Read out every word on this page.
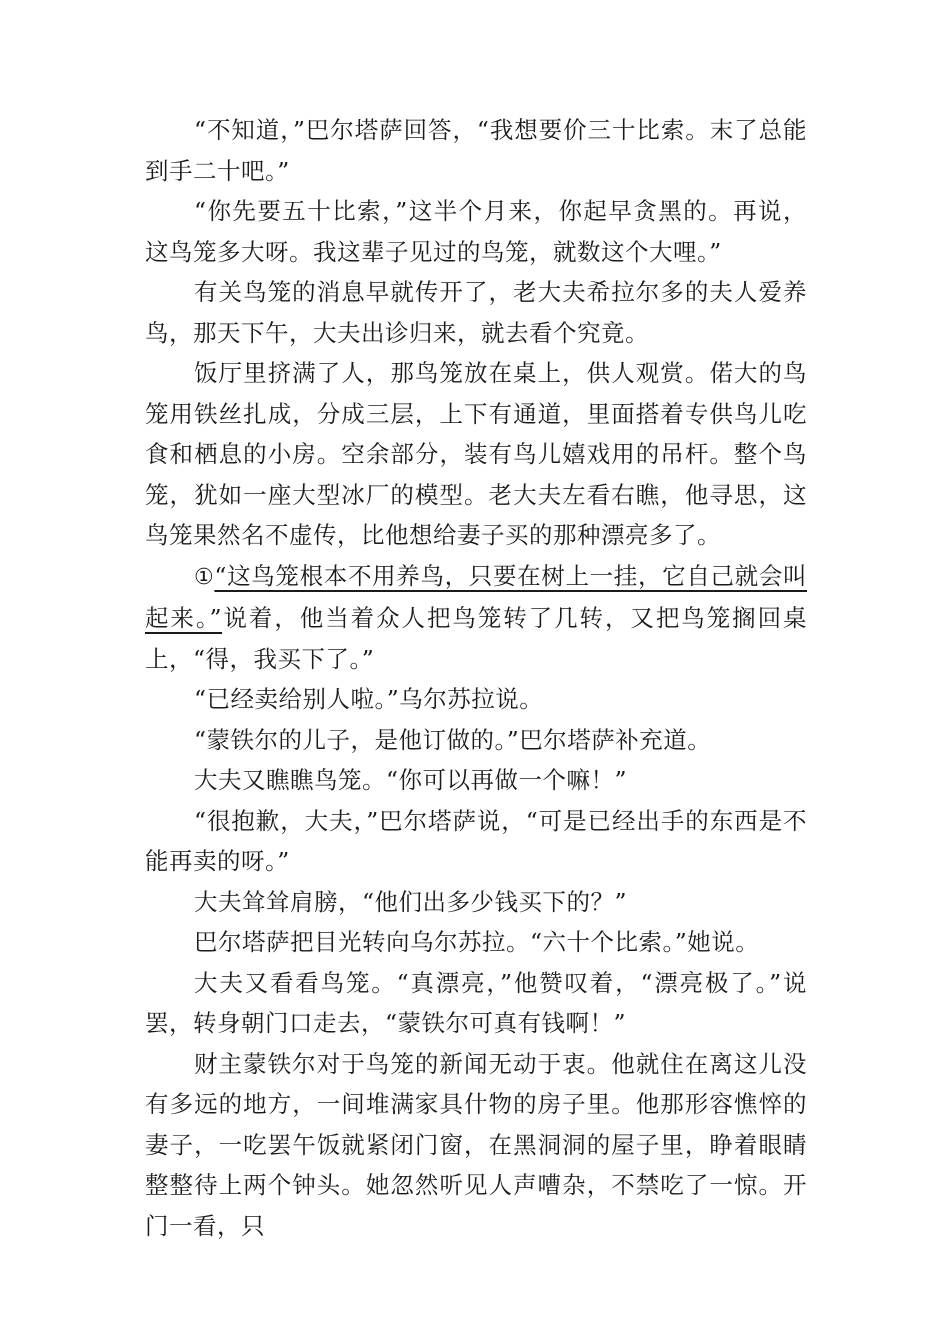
“不知道，”巴尔塔萨回答，“我想要价三十比索。末了总能到手二十吧。”

“你先要五十比索，”这半个月来，你起早贪黑的。再说，这鸟笼多大呀。我这辈子见过的鸟笼，就数这个大哩。”

有关鸟笼的消息早就传开了，老大夫希拉尔多的夫人爱养鸟，那天下午，大夫出诊归来，就去看个究竟。

饭厅里挤满了人，那鸟笼放在桌上，供人观赏。偌大的鸟笼用铁丝扎成，分成三层，上下有通道，里面搭着专供鸟儿吃食和栖息的小房。空余部分，装有鸟儿嬉戏用的吊杆。整个鸟笼，犹如一座大型冰厂的模型。老大夫左看右瞧，他寻思，这鸟笼果然名不虚传，比他想给妻子买的那种漂亮多了。

①“这鸟笼根本不用养鸟，只要在树上一挂，它自己就会叫起来。”说着，他当着众人把鸟笼转了几转，又把鸟笼搁回桌上，“得，我买下了。”

“已经卖给别人啦。”乌尔苏拉说。

“蒙铁尔的儿子，是他订做的。”巴尔塔萨补充道。

大夫又瞧瞧鸟笼。“你可以再做一个嘛！”

“很抱歉，大夫，”巴尔塔萨说，“可是已经出手的东西是不能再卖的呀。”

大夫耸耸肩膀，“他们出多少钱买下的？”

巴尔塔萨把目光转向乌尔苏拉。“六十个比索。”她说。

大夫又看看鸟笼。“真漂亮，”他赞叹着，“漂亮极了。”说罢，转身朝门口走去，“蒙铁尔可真有钱啊！”

财主蒙铁尔对于鸟笼的新闻无动于衷。他就住在离这儿没有多远的地方，一间堆满家具什物的房子里。他那形容憔悴的妻子，一吃罢午饭就紧闭门窗，在黑洞洞的屋子里，睁着眼睛整整待上两个钟头。她忽然听见人声嘈杂，不禁吃了一惊。开门一看，只
